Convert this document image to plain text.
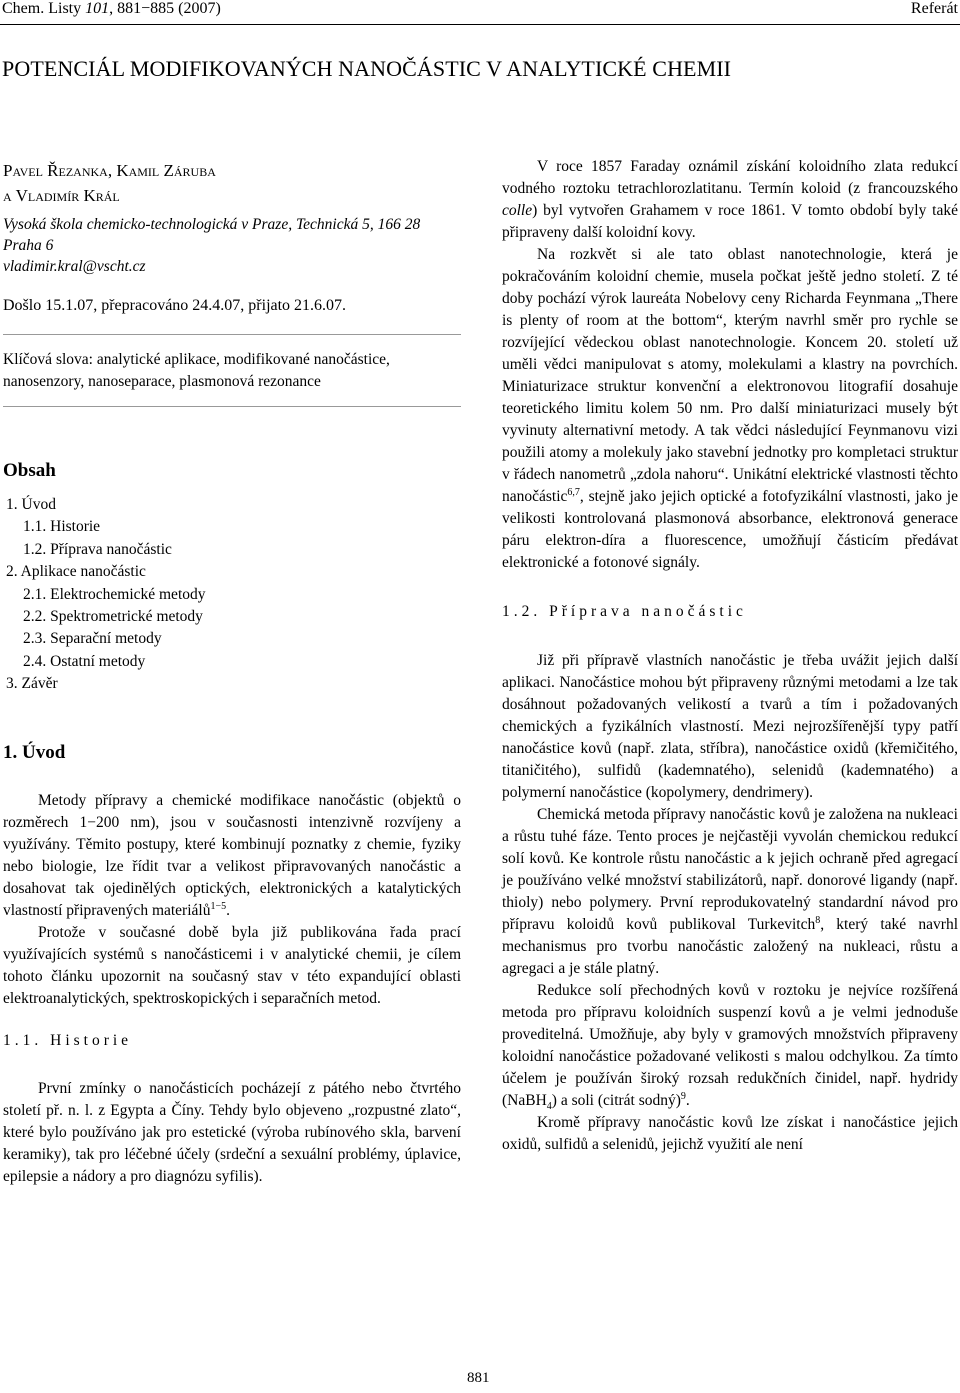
Chem. Listy 101, 881−885 (2007)	Referát
POTENCIÁL MODIFIKOVANÝCH NANOČÁSTIC V ANALYTICKÉ CHEMII
Pavel Řezanka, Kamil Záruba
a Vladimír Král
Vysoká škola chemicko-technologická v Praze, Technická 5, 166 28 Praha 6
vladimir.kral@vscht.cz
Došlo 15.1.07, přepracováno 24.4.07, přijato 21.6.07.
Klíčová slova: analytické aplikace, modifikované nanočástice, nanosenzory, nanoseparace, plasmonová rezonance
Obsah
1. Úvod
1.1. Historie
1.2. Příprava nanočástic
2. Aplikace nanočástic
2.1. Elektrochemické metody
2.2. Spektrometrické metody
2.3. Separační metody
2.4. Ostatní metody
3. Závěr
1. Úvod

Metody přípravy a chemické modifikace nanočástic (objektů o rozměrech 1−200 nm), jsou v současnosti intenzivně rozvíjeny a využívány. Těmito postupy, které kombinují poznatky z chemie, fyziky nebo biologie, lze řídit tvar a velikost připravovaných nanočástic a dosahovat tak ojedinělých optických, elektronických a katalytických vlastností připravených materiálů$^{1-5}$.

Protože v současné době byla již publikována řada prací využívajících systémů s nanočásticemi i v analytické chemii, je cílem tohoto článku upozornit na současný stav v této expandující oblasti elektroanalytických, spektroskopických i separačních metod.

1.1. Historie

První zmínky o nanočásticích pocházejí z pátého nebo čtvrtého století př. n. l. z Egypta a Číny. Tehdy bylo objeveno „rozpustné zlato“, které bylo používáno jak pro estetické (výroba rubínového skla, barvení keramiky), tak pro léčebné účely (srdeční a sexuální problémy, úplavice, epilepsie a nádory a pro diagnózu syfilis).

V roce 1857 Faraday oznámil získání koloidního zlata redukcí vodného roztoku tetrachlorozlatitanu. Termín koloid (z francouzského colle) byl vytvořen Grahamem v roce 1861. V tomto období byly také připraveny další koloidní kovy.

Na rozkvět si ale tato oblast nanotechnologie, která je pokračováním koloidní chemie, musela počkat ještě jedno století. Z té doby pochází výrok laureáta Nobelovy ceny Richarda Feynmana „There is plenty of room at the bottom“, kterým navrhl směr pro rychle se rozvíjející vědeckou oblast nanotechnologie. Koncem 20. století už uměli vědci manipulovat s atomy, molekulami a klastry na povrchích. Miniaturizace struktur konvenční a elektronovou litografií dosahuje teoretického limitu kolem 50 nm. Pro další miniaturizaci musely být vyvinuty alternativní metody. A tak vědci následující Feynmanovu vizi použili atomy a molekuly jako stavební jednotky pro kompletaci struktur v řádech nanometrů „zdola nahoru“. Unikátní elektrické vlastnosti těchto nanočástic$^{6,7}$, stejně jako jejich optické a fotofyzikální vlastnosti, jako je velikosti kontrolovaná plasmonová absorbance, elektronová generace páru elektron-díra a fluorescence, umožňují částicím předávat elektronické a fotonové signály.

1.2. Příprava nanočástic

Již při přípravě vlastních nanočástic je třeba uvážit jejich další aplikaci. Nanočástice mohou být připraveny různými metodami a lze tak dosáhnout požadovaných velikostí a tvarů a tím i požadovaných chemických a fyzikálních vlastností. Mezi nejrozšířenější typy patří nanočástice kovů (např. zlata, stříbra), nanočástice oxidů (křemičitého, titaničitého), sulfidů (kademnatého), selenidů (kademnatého) a polymerní nanočástice (kopolymery, dendrimery).

Chemická metoda přípravy nanočástic kovů je založena na nukleaci a růstu tuhé fáze. Tento proces je nejčastěji vyvolán chemickou redukcí solí kovů. Ke kontrole růstu nanočástic a k jejich ochraně před agregací je používáno velké množství stabilizátorů, např. donorové ligandy (např. thioly) nebo polymery. První reprodukovatelný standardní návod pro přípravu koloidů kovů publikoval Turkevitch$^8$, který také navrhl mechanismus pro tvorbu nanočástic založený na nukleaci, růstu a agregaci a je stále platný.

Redukce solí přechodných kovů v roztoku je nejvíce rozšířená metoda pro přípravu koloidních suspenzí kovů a je velmi jednoduše proveditelná. Umožňuje, aby byly v gramových množstvích připraveny koloidní nanočástice požadované velikosti s malou odchylkou. Za tímto účelem je používán široký rozsah redukčních činidel, např. hydridy (NaBH$_4$) a soli (citrát sodný)$^9$.

Kromě přípravy nanočástic kovů lze získat i nanočástice jejich oxidů, sulfidů a selenidů, jejichž využití ale není

881
